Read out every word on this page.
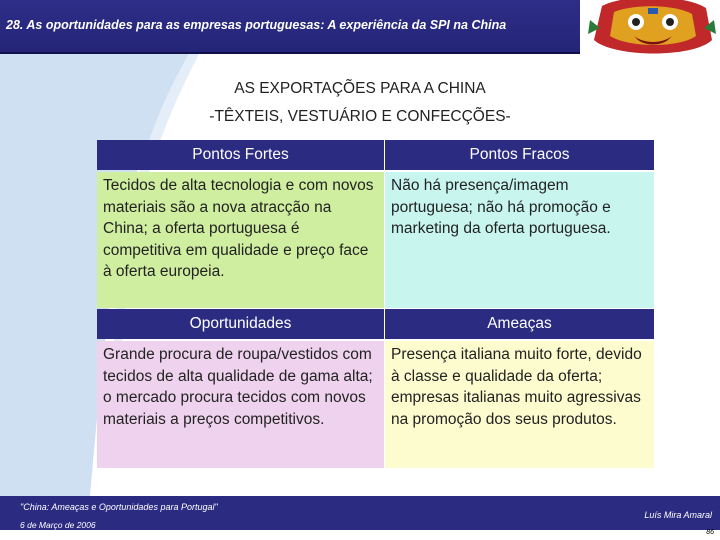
28. As oportunidades para as empresas portuguesas: A experiência da SPI na China
AS EXPORTAÇÕES PARA A CHINA
-TÊXTEIS, VESTUÁRIO E CONFECÇÕES-
Pontos Fortes	Pontos Fracos
Tecidos de alta tecnologia e com novos materiais são a nova atracção na China; a oferta portuguesa é competitiva em qualidade e preço face à oferta europeia.
Não há presença/imagem portuguesa; não há promoção e marketing da oferta portuguesa.
Oportunidades	Ameaças
Grande procura de roupa/vestidos com tecidos de alta qualidade de gama alta; o mercado procura tecidos com novos materiais a preços competitivos.
Presença italiana muito forte, devido à classe e qualidade da oferta; empresas italianas muito agressivas na promoção dos seus produtos.
"China: Ameaças e Oportunidades para Portugal"
6 de Março de 2006
Luís Mira Amaral
86
